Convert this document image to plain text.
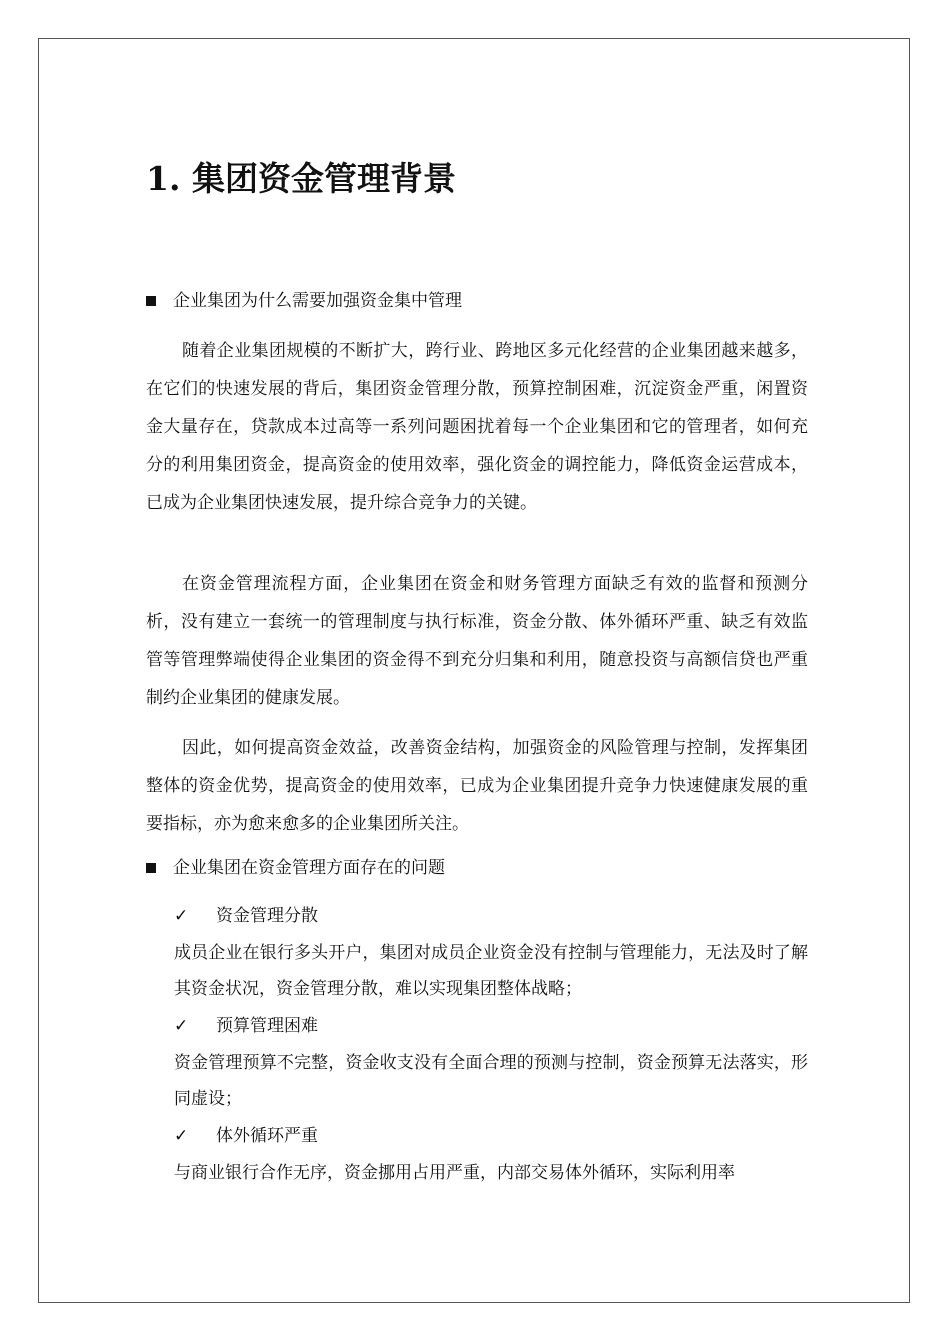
1. 集团资金管理背景
企业集团为什么需要加强资金集中管理

随着企业集团规模的不断扩大，跨行业、跨地区多元化经营的企业集团越来越多，在它们的快速发展的背后，集团资金管理分散，预算控制困难，沉淀资金严重，闲置资金大量存在，贷款成本过高等一系列问题困扰着每一个企业集团和它的管理者，如何充分的利用集团资金，提高资金的使用效率，强化资金的调控能力，降低资金运营成本，已成为企业集团快速发展，提升综合竞争力的关键。

在资金管理流程方面，企业集团在资金和财务管理方面缺乏有效的监督和预测分析，没有建立一套统一的管理制度与执行标准，资金分散、体外循环严重、缺乏有效监管等管理弊端使得企业集团的资金得不到充分归集和利用，随意投资与高额信贷也严重制约企业集团的健康发展。

因此，如何提高资金效益，改善资金结构，加强资金的风险管理与控制，发挥集团整体的资金优势，提高资金的使用效率，已成为企业集团提升竞争力快速健康发展的重要指标，亦为愈来愈多的企业集团所关注。

企业集团在资金管理方面存在的问题
✓ 资金管理分散

成员企业在银行多头开户，集团对成员企业资金没有控制与管理能力，无法及时了解其资金状况，资金管理分散，难以实现集团整体战略；

✓ 预算管理困难

资金管理预算不完整，资金收支没有全面合理的预测与控制，资金预算无法落实，形同虚设；

✓ 体外循环严重

与商业银行合作无序，资金挪用占用严重，内部交易体外循环，实际利用率
